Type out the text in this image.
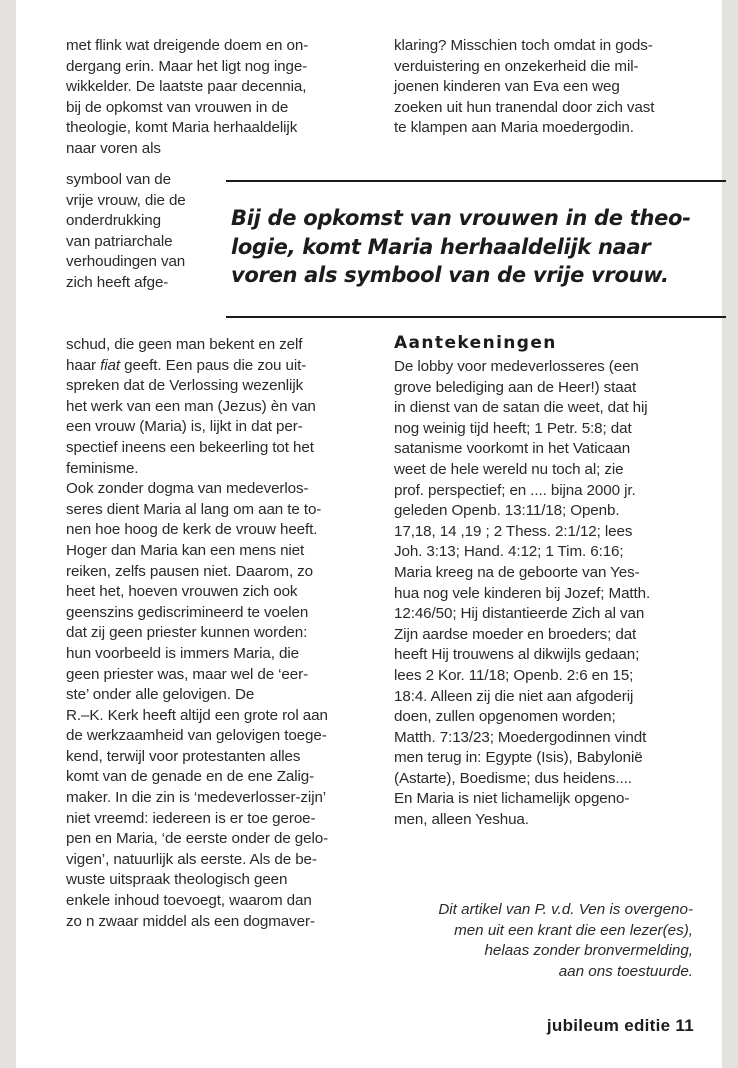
met flink wat dreigende doem en on-
dergang erin. Maar het ligt nog inge-
wikkelder. De laatste paar decennia,
bij de opkomst van vrouwen in de
theologie, komt Maria herhaaldelijk
naar voren als
klaring? Misschien toch omdat in gods-
verduistering en onzekerheid die mil-
joenen kinderen van Eva een weg
zoeken uit hun tranendal door zich vast
te klampen aan Maria moedergodin.
symbool van de
vrije vrouw, die de
onderdrukking
van patriarchale
verhoudingen van
zich heeft afge-
Bij de opkomst van vrouwen in de theo-
logie, komt Maria herhaaldelijk naar
voren als symbool van de vrije vrouw.
schud, die geen man bekent en zelf
haar fiat geeft. Een paus die zou uit-
spreken dat de Verlossing wezenlijk
het werk van een man (Jezus) èn van
een vrouw (Maria) is, lijkt in dat per-
spectief ineens een bekeerling tot het
feminisme.
Ook zonder dogma van medeverlos-
seres dient Maria al lang om aan te to-
nen hoe hoog de kerk de vrouw heeft.
Hoger dan Maria kan een mens niet
reiken, zelfs pausen niet. Daarom, zo
heet het, hoeven vrouwen zich ook
geenszins gediscrimineerd te voelen
dat zij geen priester kunnen worden:
hun voorbeeld is immers Maria, die
geen priester was, maar wel de ‘eer-
ste’ onder alle gelovigen. De
R.–K. Kerk heeft altijd een grote rol aan
de werkzaamheid van gelovigen toege-
kend, terwijl voor protestanten alles
komt van de genade en de ene Zalig-
maker. In die zin is ‘medeverlosser-zijn’
niet vreemd: iedereen is er toe geroe-
pen en Maria, ‘de eerste onder de gelo-
vigen’, natuurlijk als eerste. Als de be-
wuste uitspraak theologisch geen
enkele inhoud toevoegt, waarom dan
zo n zwaar middel als een dogmaver-
Aantekeningen
De lobby voor medeverlosseres (een
grove belediging aan de Heer!) staat
in dienst van de satan die weet, dat hij
nog weinig tijd heeft; 1 Petr. 5:8; dat
satanisme voorkomt in het Vaticaan
weet de hele wereld nu toch al; zie
prof. perspectief; en .... bijna 2000 jr.
geleden Openb. 13:11/18; Openb.
17,18, 14 ,19 ; 2 Thess. 2:1/12; lees
Joh. 3:13; Hand. 4:12; 1 Tim. 6:16;
Maria kreeg na de geboorte van Yes-
hua nog vele kinderen bij Jozef; Matth.
12:46/50; Hij distantieerde Zich al van
Zijn aardse moeder en broeders; dat
heeft Hij trouwens al dikwijls gedaan;
lees 2 Kor. 11/18; Openb. 2:6 en 15;
18:4. Alleen zij die niet aan afgoderij
doen, zullen opgenomen worden;
Matth. 7:13/23; Moedergodinnen vindt
men terug in: Egypte (Isis), Babylonië
(Astarte), Boedisme; dus heidens....
En Maria is niet lichamelijk opgeno-
men, alleen Yeshua.
Dit artikel van P. v.d. Ven is overgeno-
men uit een krant die een lezer(es),
helaas zonder bronvermelding,
aan ons toestuurde.
jubileum editie 11
